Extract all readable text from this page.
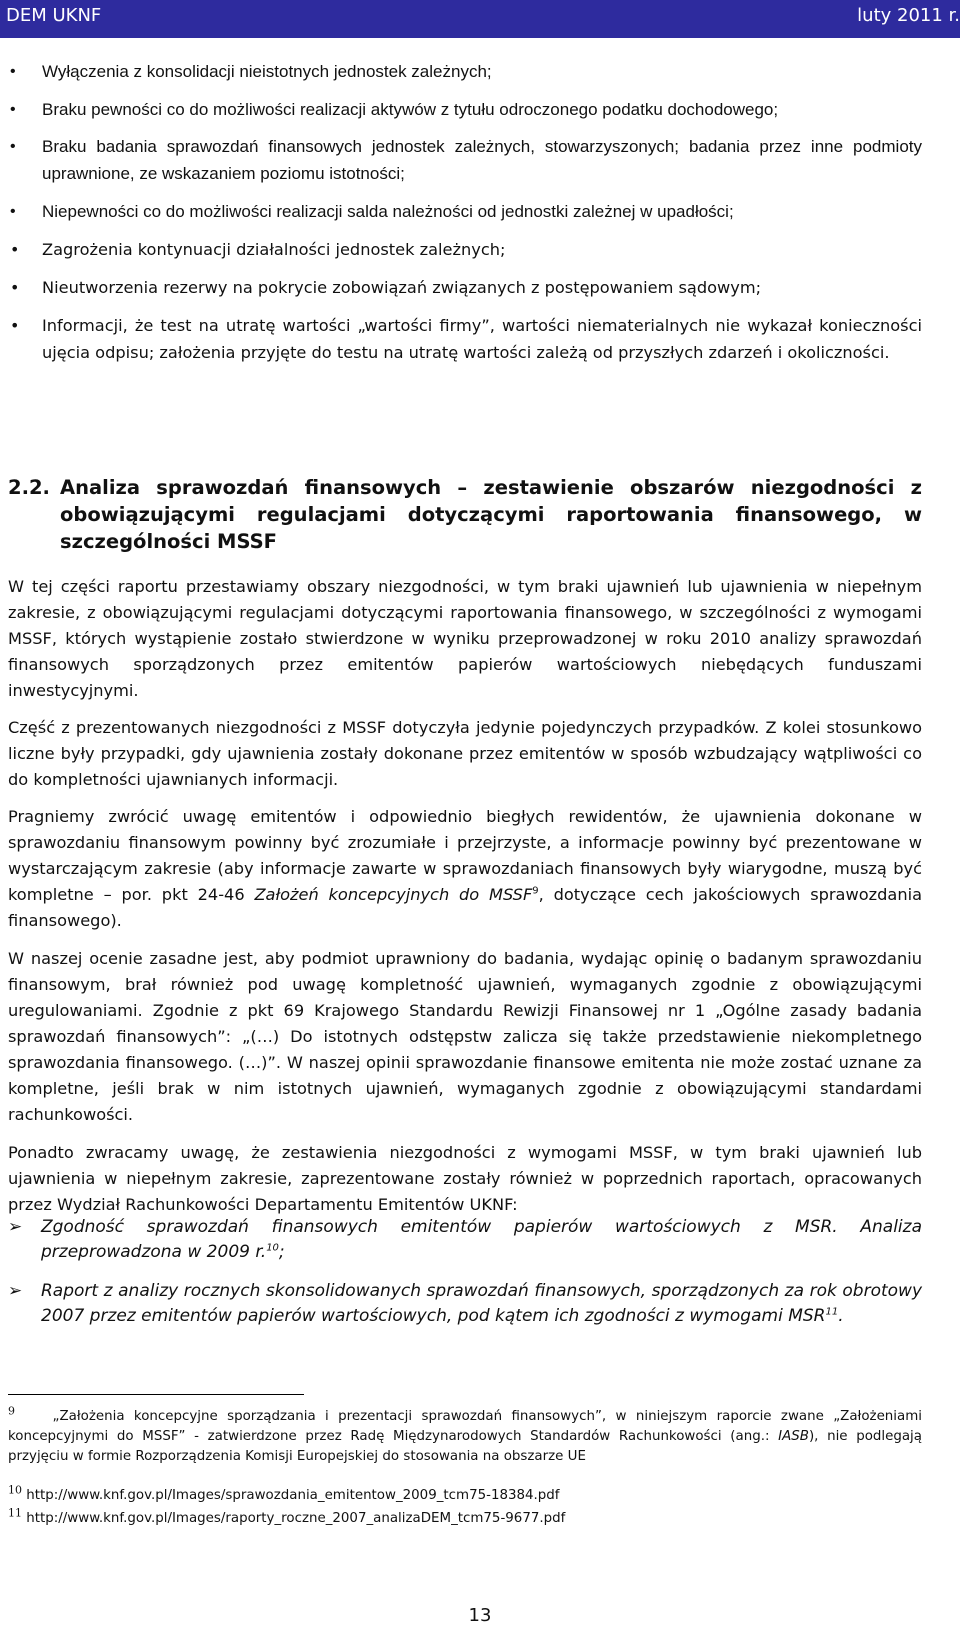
DEM UKNF	luty 2011 r.
• Wyłączenia z konsolidacji nieistotnych jednostek zależnych;
• Braku pewności co do możliwości realizacji aktywów z tytułu odroczonego podatku dochodowego;
• Braku badania sprawozdań finansowych jednostek zależnych, stowarzyszonych; badania przez inne podmioty uprawnione, ze wskazaniem poziomu istotności;
• Niepewności co do możliwości realizacji salda należności od jednostki zależnej w upadłości;
• Zagrożenia kontynuacji działalności jednostek zależnych;
• Nieutworzenia rezerwy na pokrycie zobowiązań związanych z postępowaniem sądowym;
• Informacji, że test na utratę wartości „wartości firmy”, wartości niematerialnych nie wykazał konieczności ujęcia odpisu; założenia przyjęte do testu na utratę wartości zależą od przyszłych zdarzeń i okoliczności.
2.2. Analiza sprawozdań finansowych – zestawienie obszarów niezgodności z obowiązującymi regulacjami dotyczącymi raportowania finansowego, w szczególności MSSF

W tej części raportu przestawiamy obszary niezgodności, w tym braki ujawnień lub ujawnienia w niepełnym zakresie, z obowiązującymi regulacjami dotyczącymi raportowania finansowego, w szczególności z wymogami MSSF, których wystąpienie zostało stwierdzone w wyniku przeprowadzonej w roku 2010 analizy sprawozdań finansowych sporządzonych przez emitentów papierów wartościowych niebędących funduszami inwestycyjnymi.

Część z prezentowanych niezgodności z MSSF dotyczyła jedynie pojedynczych przypadków. Z kolei stosunkowo liczne były przypadki, gdy ujawnienia zostały dokonane przez emitentów w sposób wzbudzający wątpliwości co do kompletności ujawnianych informacji.

Pragniemy zwrócić uwagę emitentów i odpowiednio biegłych rewidentów, że ujawnienia dokonane w sprawozdaniu finansowym powinny być zrozumiałe i przejrzyste, a informacje powinny być prezentowane w wystarczającym zakresie (aby informacje zawarte w sprawozdaniach finansowych były wiarygodne, muszą być kompletne – por. pkt 24-46 Założeń koncepcyjnych do MSSF$^9$, dotyczące cech jakościowych sprawozdania finansowego).

W naszej ocenie zasadne jest, aby podmiot uprawniony do badania, wydając opinię o badanym sprawozdaniu finansowym, brał również pod uwagę kompletność ujawnień, wymaganych zgodnie z obowiązującymi uregulowaniami. Zgodnie z pkt 69 Krajowego Standardu Rewizji Finansowej nr 1 „Ogólne zasady badania sprawozdań finansowych”: „(…) Do istotnych odstępstw zalicza się także przedstawienie niekompletnego sprawozdania finansowego. (…)”. W naszej opinii sprawozdanie finansowe emitenta nie może zostać uznane za kompletne, jeśli brak w nim istotnych ujawnień, wymaganych zgodnie z obowiązującymi standardami rachunkowości.

Ponadto zwracamy uwagę, że zestawienia niezgodności z wymogami MSSF, w tym braki ujawnień lub ujawnienia w niepełnym zakresie, zaprezentowane zostały również w poprzednich raportach, opracowanych przez Wydział Rachunkowości Departamentu Emitentów UKNF:

➢ Zgodność sprawozdań finansowych emitentów papierów wartościowych z MSR. Analiza przeprowadzona w 2009 r.$^{10}$;
➢ Raport z analizy rocznych skonsolidowanych sprawozdań finansowych, sporządzonych za rok obrotowy 2007 przez emitentów papierów wartościowych, pod kątem ich zgodności z wymogami MSR$^{11}$.

$^9$	„Założenia koncepcyjne sporządzania i prezentacji sprawozdań finansowych”, w niniejszym raporcie zwane „Założeniami koncepcyjnymi do MSSF” - zatwierdzone przez Radę Międzynarodowych Standardów Rachunkowości (ang.: IASB), nie podlegają przyjęciu w formie Rozporządzenia Komisji Europejskiej do stosowania na obszarze UE

$^{10}$ http://www.knf.gov.pl/Images/sprawozdania_emitentow_2009_tcm75-18384.pdf

$^{11}$ http://www.knf.gov.pl/Images/raporty_roczne_2007_analizaDEM_tcm75-9677.pdf

13
